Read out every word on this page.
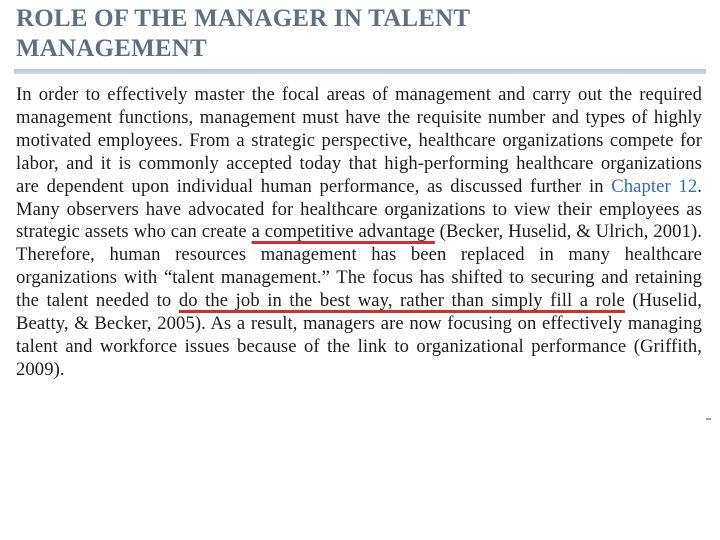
ROLE OF THE MANAGER IN TALENT
MANAGEMENT

In order to effectively master the focal areas of management and carry out the required management functions, management must have the requisite number and types of highly motivated employees. From a strategic perspective, healthcare organizations compete for labor, and it is commonly accepted today that high-performing healthcare organizations are dependent upon individual human performance, as discussed further in Chapter 12. Many observers have advocated for healthcare organizations to view their employees as strategic assets who can create a competitive advantage (Becker, Huselid, & Ulrich, 2001). Therefore, human resources management has been replaced in many healthcare organizations with “talent management.” The focus has shifted to securing and retaining the talent needed to do the job in the best way, rather than simply fill a role (Huselid, Beatty, & Becker, 2005). As a result, managers are now focusing on effectively managing talent and workforce issues because of the link to organizational performance (Griffith, 2009).
